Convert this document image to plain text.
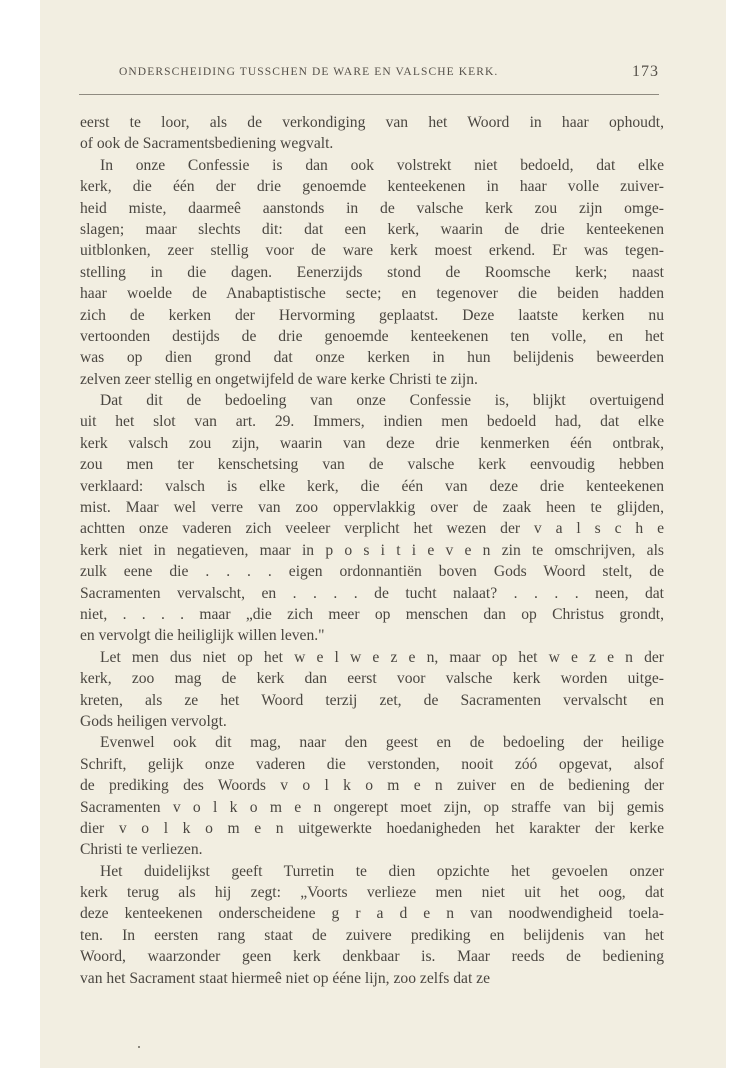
ONDERSCHEIDING TUSSCHEN DE WARE EN VALSCHE KERK.	173
eerst te loor, als de verkondiging van het Woord in haar ophoudt,
of ook de Sacramentsbediening wegvalt.
In onze Confessie is dan ook volstrekt niet bedoeld, dat elke
kerk, die één der drie genoemde kenteekenen in haar volle zuiver-
heid miste, daarmeê aanstonds in de valsche kerk zou zijn omge-
slagen; maar slechts dit: dat een kerk, waarin de drie kenteekenen
uitblonken, zeer stellig voor de ware kerk moest erkend. Er was tegen-
stelling in die dagen. Eenerzijds stond de Roomsche kerk; naast
haar woelde de Anabaptistische secte; en tegenover die beiden hadden
zich de kerken der Hervorming geplaatst. Deze laatste kerken nu
vertoonden destijds de drie genoemde kenteekenen ten volle, en het
was op dien grond dat onze kerken in hun belijdenis beweerden
zelven zeer stellig en ongetwijfeld de ware kerke Christi te zijn.
Dat dit de bedoeling van onze Confessie is, blijkt overtuigend
uit het slot van art. 29. Immers, indien men bedoeld had, dat elke
kerk valsch zou zijn, waarin van deze drie kenmerken één ontbrak,
zou men ter kenschetsing van de valsche kerk eenvoudig hebben
verklaard: valsch is elke kerk, die één van deze drie kenteekenen
mist. Maar wel verre van zoo oppervlakkig over de zaak heen te glijden,
achtten onze vaderen zich veeleer verplicht het wezen der v a l s c h e
kerk niet in negatieven, maar in p o s i t i e v e n zin te omschrijven, als
zulk eene die . . . . eigen ordonnantiën boven Gods Woord stelt, de
Sacramenten vervalscht, en . . . . de tucht nalaat? . . . . neen, dat
niet, . . . . maar „die zich meer op menschen dan op Christus grondt,
en vervolgt die heiliglijk willen leven."
Let men dus niet op het w e l w e z e n, maar op het w e z e n der
kerk, zoo mag de kerk dan eerst voor valsche kerk worden uitge-
kreten, als ze het Woord terzij zet, de Sacramenten vervalscht en
Gods heiligen vervolgt.
Evenwel ook dit mag, naar den geest en de bedoeling der heilige
Schrift, gelijk onze vaderen die verstonden, nooit zóó opgevat, alsof
de prediking des Woords v o l k o m e n zuiver en de bediening der
Sacramenten v o l k o m e n ongerept moet zijn, op straffe van bij gemis
dier v o l k o m e n uitgewerkte hoedanigheden het karakter der kerke
Christi te verliezen.
Het duidelijkst geeft Turretin te dien opzichte het gevoelen onzer
kerk terug als hij zegt: „Voorts verlieze men niet uit het oog, dat
deze kenteekenen onderscheidene g r a d e n van noodwendigheid toela-
ten. In eersten rang staat de zuivere prediking en belijdenis van het
Woord, waarzonder geen kerk denkbaar is. Maar reeds de bediening
van het Sacrament staat hiermeê niet op ééne lijn, zoo zelfs dat ze
